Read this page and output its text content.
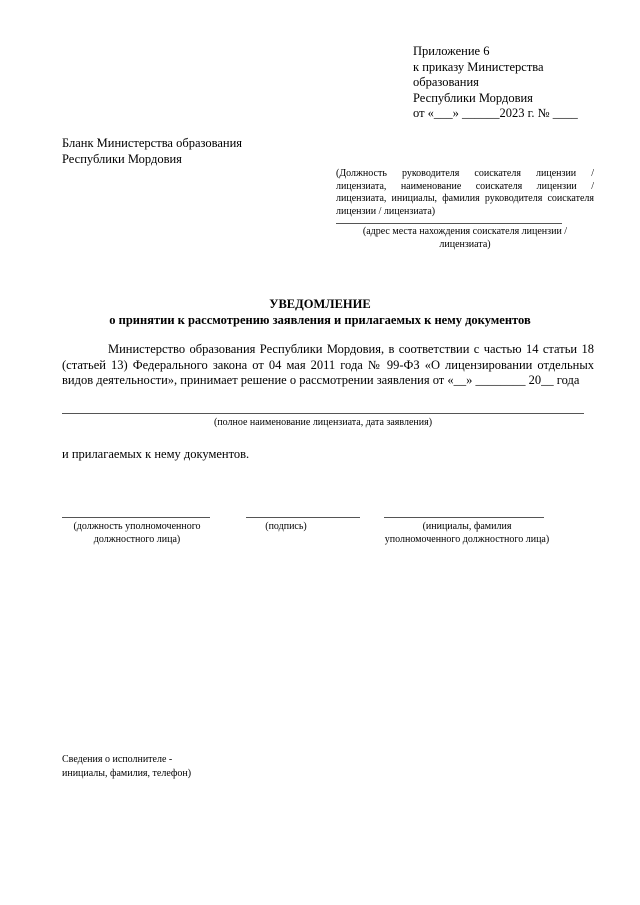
Приложение 6
к приказу Министерства
образования
Республики Мордовия
от «___» ______2023 г. № ____
Бланк Министерства образования
Республики Мордовия
(Должность руководителя соискателя лицензии / лицензиата, наименование соискателя лицензии / лицензиата, инициалы, фамилия руководителя соискателя лицензии / лицензиата)
(адрес места нахождения соискателя лицензии /
лицензиата)
УВЕДОМЛЕНИЕ
о принятии к рассмотрению заявления и прилагаемых к нему документов
Министерство образования Республики Мордовия, в соответствии с частью 14 статьи 18 (статьей 13) Федерального закона от 04 мая 2011 года № 99-ФЗ «О лицензировании отдельных видов деятельности», принимает решение о рассмотрении заявления от «__» ________ 20__ года
(полное наименование лицензиата, дата заявления)
и прилагаемых к нему документов.
(должность уполномоченного
должностного лица)
(подпись)	(инициалы, фамилия
уполномоченного должностного лица)
Сведения о исполнителе -
инициалы, фамилия, телефон)
